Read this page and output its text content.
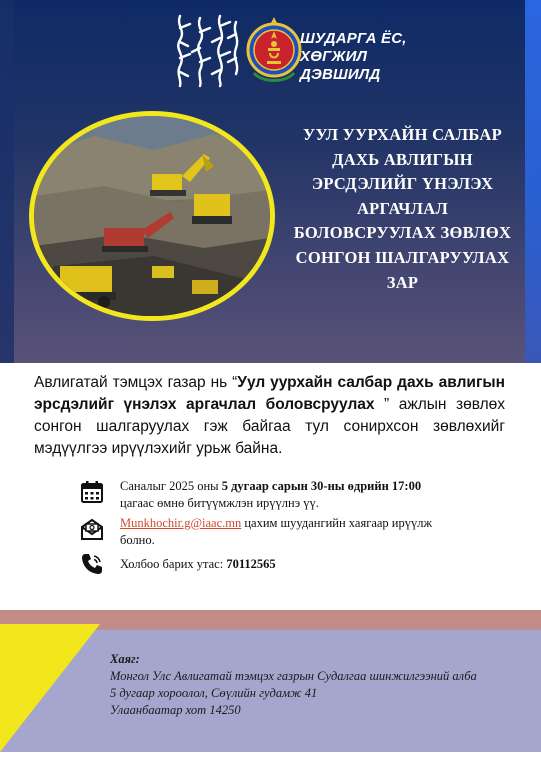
ШУДАРГА ЁС,
ХӨГЖИЛ
ДЭВШИЛД
УУЛ УУРХАЙН САЛБАР
ДАХЬ АВЛИГЫН
ЭРСДЭЛИЙГ ҮНЭЛЭХ
АРГАЧЛАЛ
БОЛОВСРУУЛАХ ЗӨВЛӨХ
СОНГОН ШАЛГАРУУЛАХ
ЗАР

Авлигатай тэмцэх газар нь “Уул уурхайн салбар дахь авлигын эрсдэлийг үнэлэх аргачлал боловсруулах ” ажлын зөвлөх сонгон шалгаруулах гэж байгаа тул сонирхсон зөвлөхийг мэдүүлгээ ирүүлэхийг урьж байна.

Саналыг 2025 оны 5 дугаар сарын 30-ны өдрийн 17:00
цагаас өмнө битүүмжлэн ирүүлнэ үү.
Munkhochir.g@iaac.mn цахим шуудангийн хаягаар ирүүлж
болно.
Холбоо барих утас: 70112565
Хаяг:
Монгол Улс Авлигатай тэмцэх газрын Судалгаа шинжилгээний алба
5 дугаар хороолол, Сөүлийн гудамж 41
Улаанбаатар хот 14250
